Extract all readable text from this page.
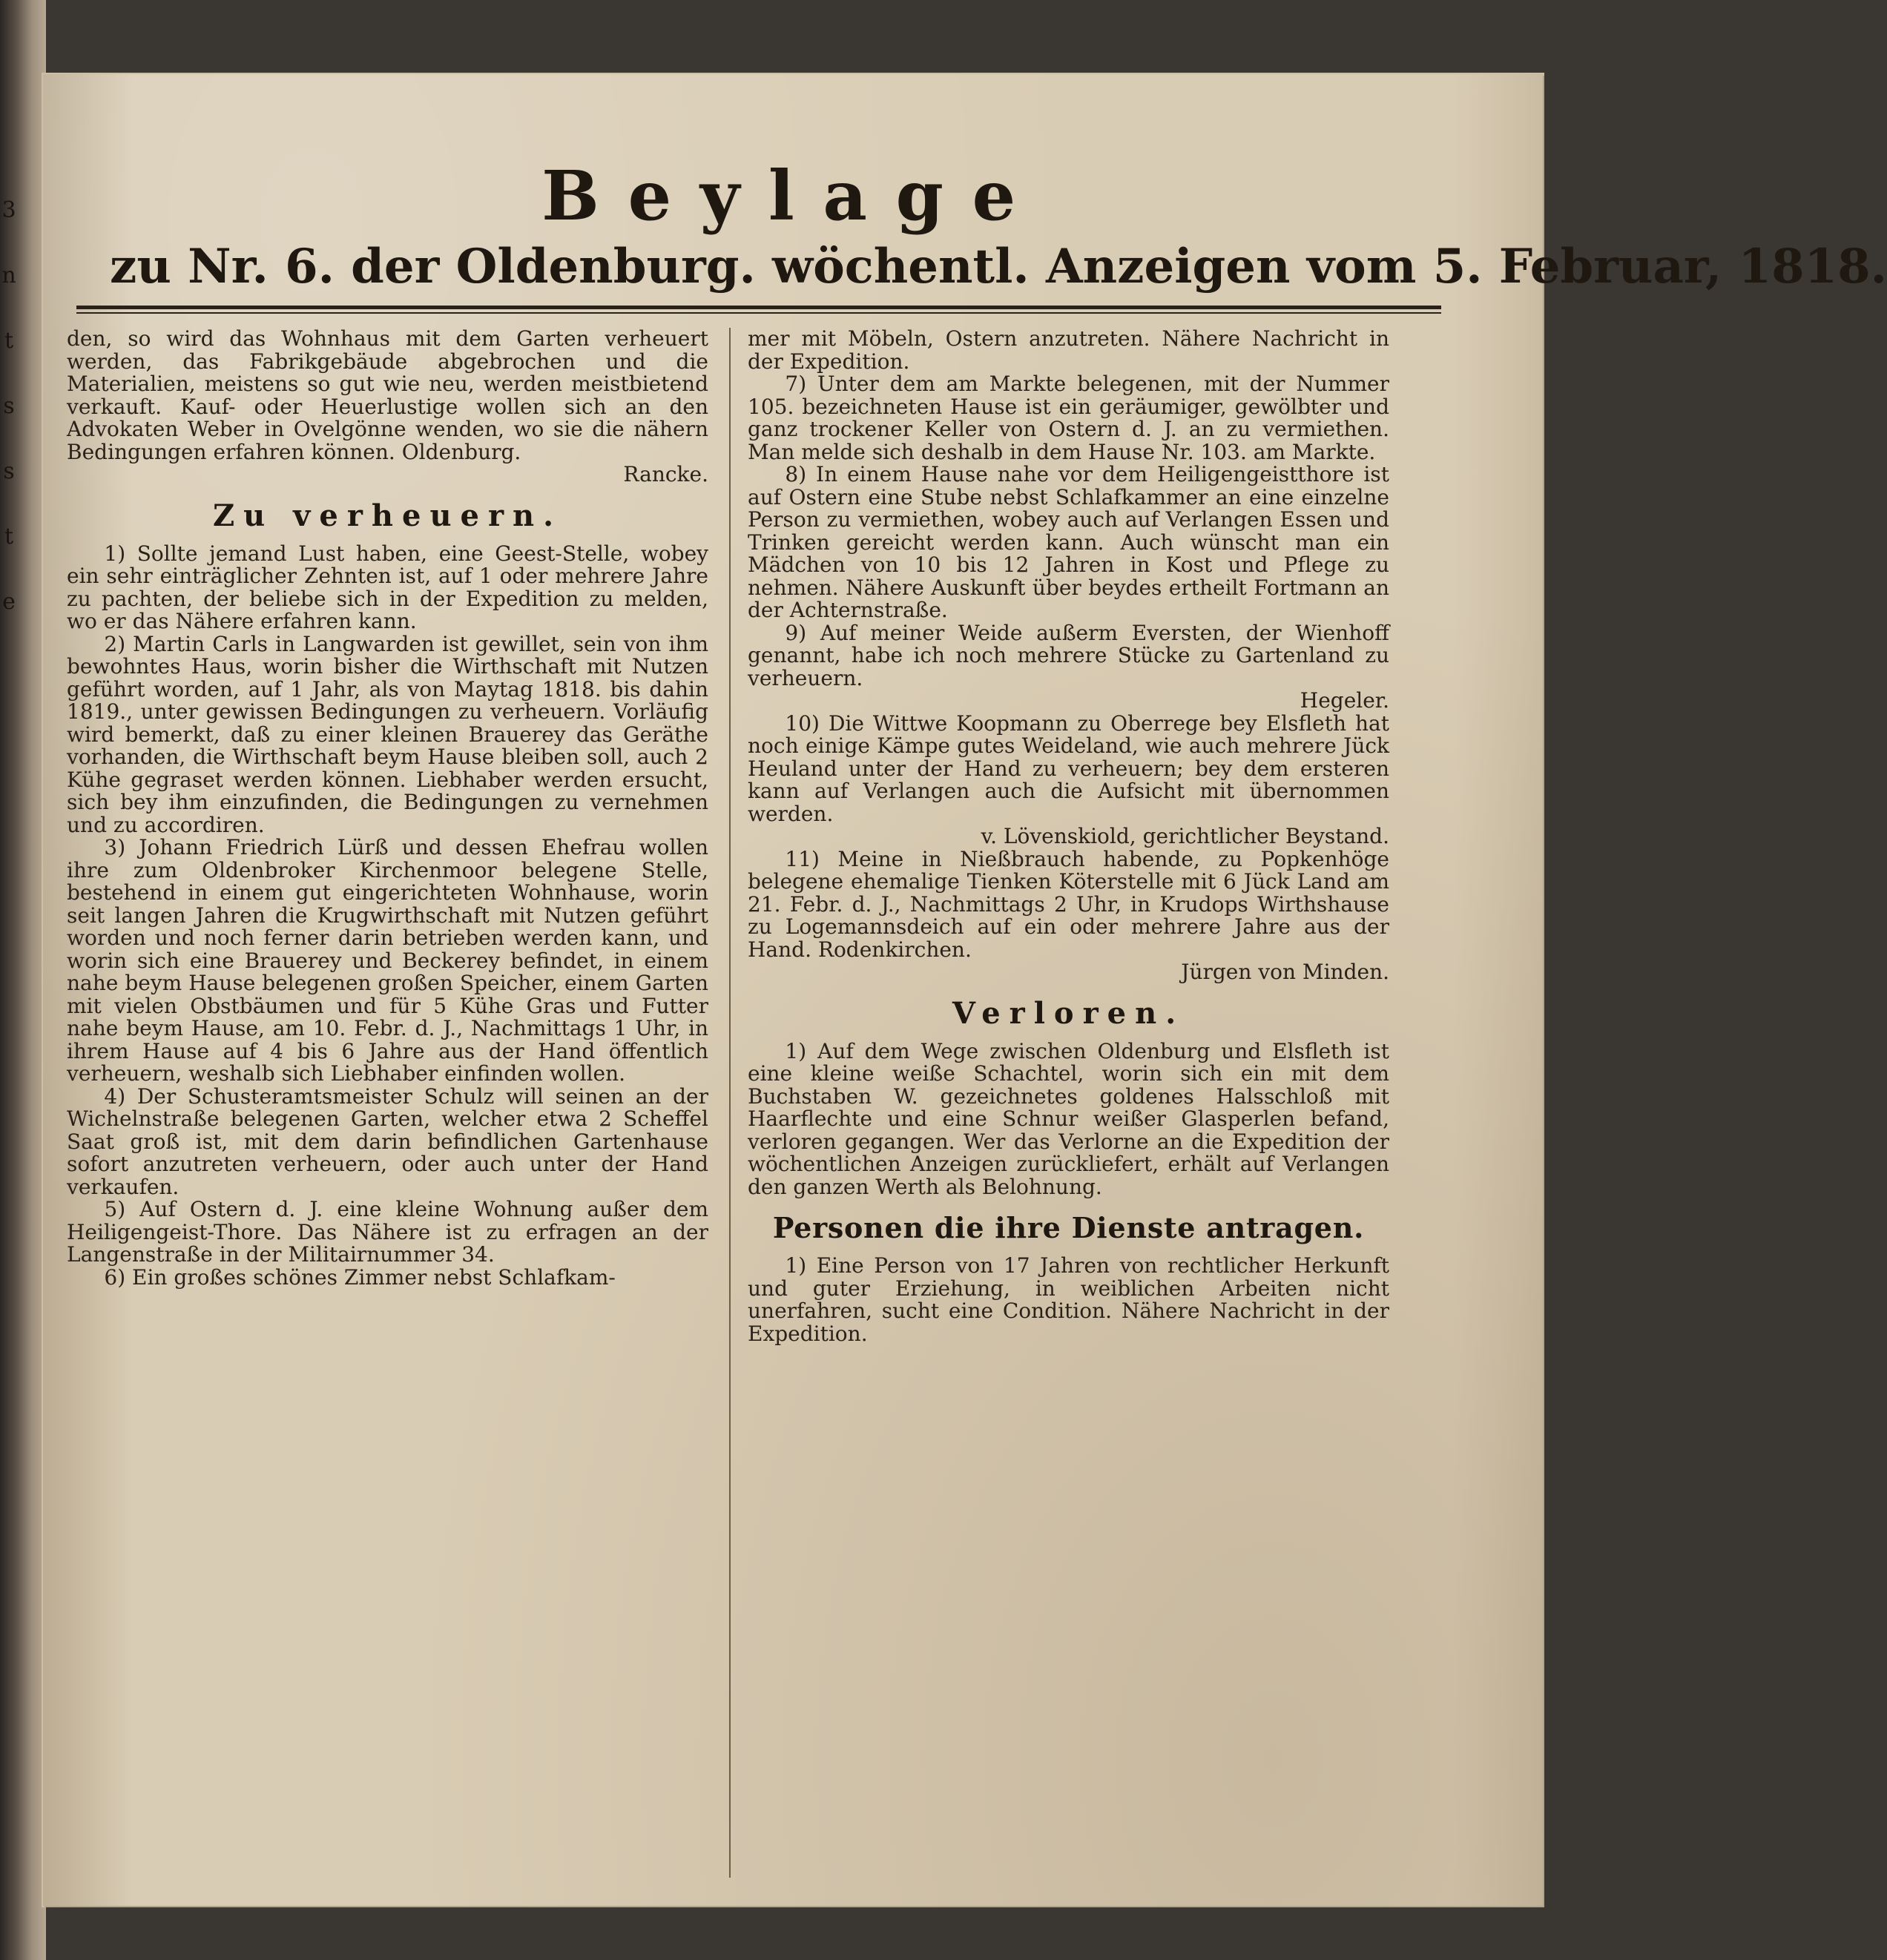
3
n
t
s
s
t
e
Beylage
zu Nr. 6. der Oldenburg. wöchentl. Anzeigen vom 5. Februar, 1818.

den, so wird das Wohnhaus mit dem Garten verheuert werden, das Fabrikgebäude abgebrochen und die Materialien, meistens so gut wie neu, werden meistbietend verkauft. Kauf- oder Heuerlustige wollen sich an den Advokaten Weber in Ovelgönne wenden, wo sie die nähern Bedingungen erfahren können. Oldenburg.

Rancke.

Zu verheuern.

1) Sollte jemand Lust haben, eine Geest-Stelle, wobey ein sehr einträglicher Zehnten ist, auf 1 oder mehrere Jahre zu pachten, der beliebe sich in der Expedition zu melden, wo er das Nähere erfahren kann.

2) Martin Carls in Langwarden ist gewillet, sein von ihm bewohntes Haus, worin bisher die Wirthschaft mit Nutzen geführt worden, auf 1 Jahr, als von Maytag 1818. bis dahin 1819., unter gewissen Bedingungen zu verheuern. Vorläufig wird bemerkt, daß zu einer kleinen Brauerey das Geräthe vorhanden, die Wirthschaft beym Hause bleiben soll, auch 2 Kühe gegraset werden können. Liebhaber werden ersucht, sich bey ihm einzufinden, die Bedingungen zu vernehmen und zu accordiren.

3) Johann Friedrich Lürß und dessen Ehefrau wollen ihre zum Oldenbroker Kirchenmoor belegene Stelle, bestehend in einem gut eingerichteten Wohnhause, worin seit langen Jahren die Krugwirthschaft mit Nutzen geführt worden und noch ferner darin betrieben werden kann, und worin sich eine Brauerey und Beckerey befindet, in einem nahe beym Hause belegenen großen Speicher, einem Garten mit vielen Obstbäumen und für 5 Kühe Gras und Futter nahe beym Hause, am 10. Febr. d. J., Nachmittags 1 Uhr, in ihrem Hause auf 4 bis 6 Jahre aus der Hand öffentlich verheuern, weshalb sich Liebhaber einfinden wollen.

4) Der Schusteramtsmeister Schulz will seinen an der Wichelnstraße belegenen Garten, welcher etwa 2 Scheffel Saat groß ist, mit dem darin befindlichen Gartenhause sofort anzutreten verheuern, oder auch unter der Hand verkaufen.

5) Auf Ostern d. J. eine kleine Wohnung außer dem Heiligengeist-Thore. Das Nähere ist zu erfragen an der Langenstraße in der Militairnummer 34.

6) Ein großes schönes Zimmer nebst Schlafkam-

mer mit Möbeln, Ostern anzutreten. Nähere Nachricht in der Expedition.

7) Unter dem am Markte belegenen, mit der Nummer 105. bezeichneten Hause ist ein geräumiger, gewölbter und ganz trockener Keller von Ostern d. J. an zu vermiethen. Man melde sich deshalb in dem Hause Nr. 103. am Markte.

8) In einem Hause nahe vor dem Heiligengeistthore ist auf Ostern eine Stube nebst Schlafkammer an eine einzelne Person zu vermiethen, wobey auch auf Verlangen Essen und Trinken gereicht werden kann. Auch wünscht man ein Mädchen von 10 bis 12 Jahren in Kost und Pflege zu nehmen. Nähere Auskunft über beydes ertheilt Fortmann an der Achternstraße.

9) Auf meiner Weide außerm Eversten, der Wienhoff genannt, habe ich noch mehrere Stücke zu Gartenland zu verheuern.

Hegeler.

10) Die Wittwe Koopmann zu Oberrege bey Elsfleth hat noch einige Kämpe gutes Weideland, wie auch mehrere Jück Heuland unter der Hand zu verheuern; bey dem ersteren kann auf Verlangen auch die Aufsicht mit übernommen werden.

v. Lövenskiold, gerichtlicher Beystand.

11) Meine in Nießbrauch habende, zu Popkenhöge belegene ehemalige Tienken Köterstelle mit 6 Jück Land am 21. Febr. d. J., Nachmittags 2 Uhr, in Krudops Wirthshause zu Logemannsdeich auf ein oder mehrere Jahre aus der Hand. Rodenkirchen.

Jürgen von Minden.

Verloren.

1) Auf dem Wege zwischen Oldenburg und Elsfleth ist eine kleine weiße Schachtel, worin sich ein mit dem Buchstaben W. gezeichnetes goldenes Halsschloß mit Haarflechte und eine Schnur weißer Glasperlen befand, verloren gegangen. Wer das Verlorne an die Expedition der wöchentlichen Anzeigen zurückliefert, erhält auf Verlangen den ganzen Werth als Belohnung.

Personen die ihre Dienste antragen.

1) Eine Person von 17 Jahren von rechtlicher Herkunft und guter Erziehung, in weiblichen Arbeiten nicht unerfahren, sucht eine Condition. Nähere Nachricht in der Expedition.
